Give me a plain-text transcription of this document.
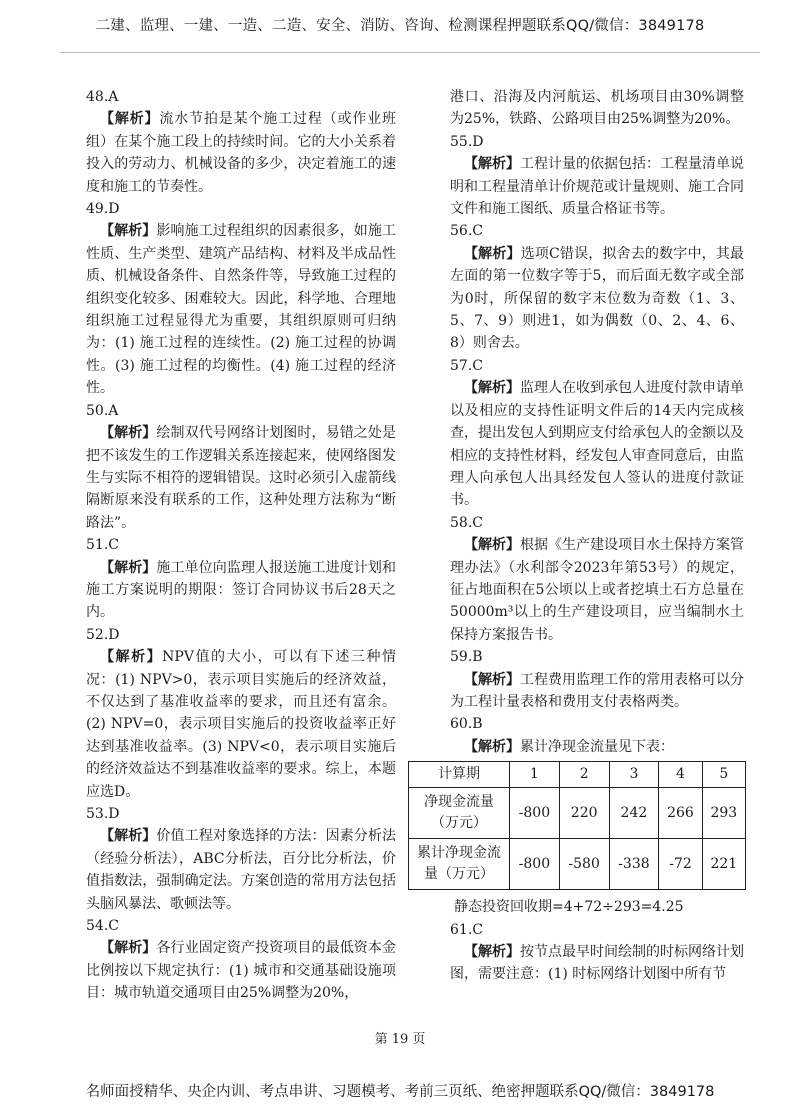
二建、监理、一建、一造、二造、安全、消防、咨询、检测课程押题联系QQ/微信：3849178

48.A

【解析】流水节拍是某个施工过程（或作业班组）在某个施工段上的持续时间。它的大小关系着投入的劳动力、机械设备的多少，决定着施工的速度和施工的节奏性。

49.D

【解析】影响施工过程组织的因素很多，如施工性质、生产类型、建筑产品结构、材料及半成品性质、机械设备条件、自然条件等，导致施工过程的组织变化较多、困难较大。因此，科学地、合理地组织施工过程显得尤为重要，其组织原则可归纳为：(1) 施工过程的连续性。(2) 施工过程的协调性。(3) 施工过程的均衡性。(4) 施工过程的经济性。

50.A

【解析】绘制双代号网络计划图时，易错之处是把不该发生的工作逻辑关系连接起来，使网络图发生与实际不相符的逻辑错误。这时必须引入虚箭线隔断原来没有联系的工作，这种处理方法称为“断路法”。

51.C

【解析】施工单位向监理人报送施工进度计划和施工方案说明的期限：签订合同协议书后28天之内。

52.D

【解析】NPV值的大小，可以有下述三种情况：(1) NPV>0，表示项目实施后的经济效益，不仅达到了基准收益率的要求，而且还有富余。(2) NPV=0，表示项目实施后的投资收益率正好达到基准收益率。(3) NPV<0，表示项目实施后的经济效益达不到基准收益率的要求。综上，本题应选D。

53.D

【解析】价值工程对象选择的方法：因素分析法（经验分析法），ABC分析法，百分比分析法，价值指数法，强制确定法。方案创造的常用方法包括头脑风暴法、歌顿法等。

54.C

【解析】各行业固定资产投资项目的最低资本金比例按以下规定执行：(1) 城市和交通基础设施项目：城市轨道交通项目由25%调整为20%，

港口、沿海及内河航运、机场项目由30%调整为25%，铁路、公路项目由25%调整为20%。

55.D

【解析】工程计量的依据包括：工程量清单说明和工程量清单计价规范或计量规则、施工合同文件和施工图纸、质量合格证书等。

56.C

【解析】选项C错误，拟舍去的数字中，其最左面的第一位数字等于5，而后面无数字或全部为0时，所保留的数字末位数为奇数（1、3、5、7、9）则进1，如为偶数（0、2、4、6、8）则舍去。

57.C

【解析】监理人在收到承包人进度付款申请单以及相应的支持性证明文件后的14天内完成核查，提出发包人到期应支付给承包人的金额以及相应的支持性材料，经发包人审查同意后，由监理人向承包人出具经发包人签认的进度付款证书。

58.C

【解析】根据《生产建设项目水土保持方案管理办法》（水利部令2023年第53号）的规定，征占地面积在5公顷以上或者挖填土石方总量在50000m³以上的生产建设项目，应当编制水土保持方案报告书。

59.B

【解析】工程费用监理工作的常用表格可以分为工程计量表格和费用支付表格两类。

60.B

【解析】累计净现金流量见下表：

计算期	1	2	3	4	5
净现金流量（万元）	-800	220	242	266	293
累计净现金流量（万元）	-800	-580	-338	-72	221

静态投资回收期=4+72÷293=4.25

61.C

【解析】按节点最早时间绘制的时标网络计划图，需要注意：(1) 时标网络计划图中所有节

第 19 页
名师面授精华、央企内训、考点串讲、习题模考、考前三页纸、绝密押题联系QQ/微信：3849178
